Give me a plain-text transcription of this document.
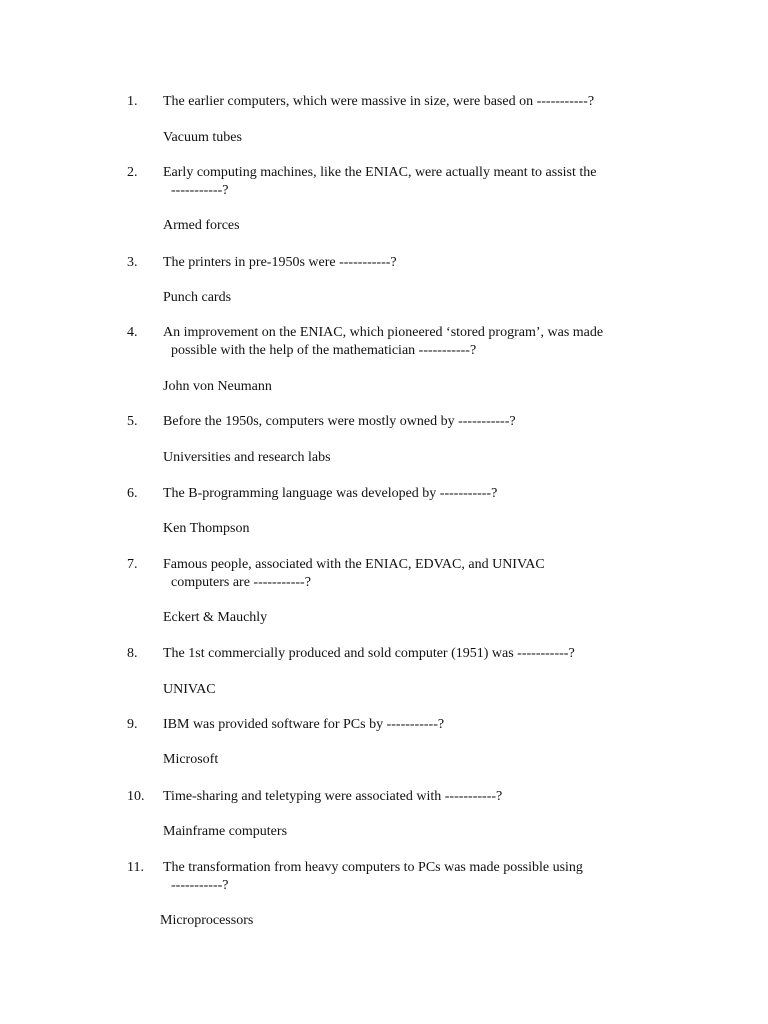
1. The earlier computers, which were massive in size, were based on -----------?
Vacuum tubes
2. Early computing machines, like the ENIAC, were actually meant to assist the
-----------?
Armed forces
3. The printers in pre-1950s were -----------?
Punch cards
4. An improvement on the ENIAC, which pioneered ‘stored program’, was made
possible with the help of the mathematician -----------?
John von Neumann
5. Before the 1950s, computers were mostly owned by -----------?
Universities and research labs
6. The B-programming language was developed by -----------?
Ken Thompson
7. Famous people, associated with the ENIAC, EDVAC, and UNIVAC
computers are -----------?
Eckert & Mauchly
8. The 1st commercially produced and sold computer (1951) was -----------?
UNIVAC
9. IBM was provided software for PCs by -----------?
Microsoft
10. Time-sharing and teletyping were associated with -----------?
Mainframe computers
11. The transformation from heavy computers to PCs was made possible using
-----------?
Microprocessors
